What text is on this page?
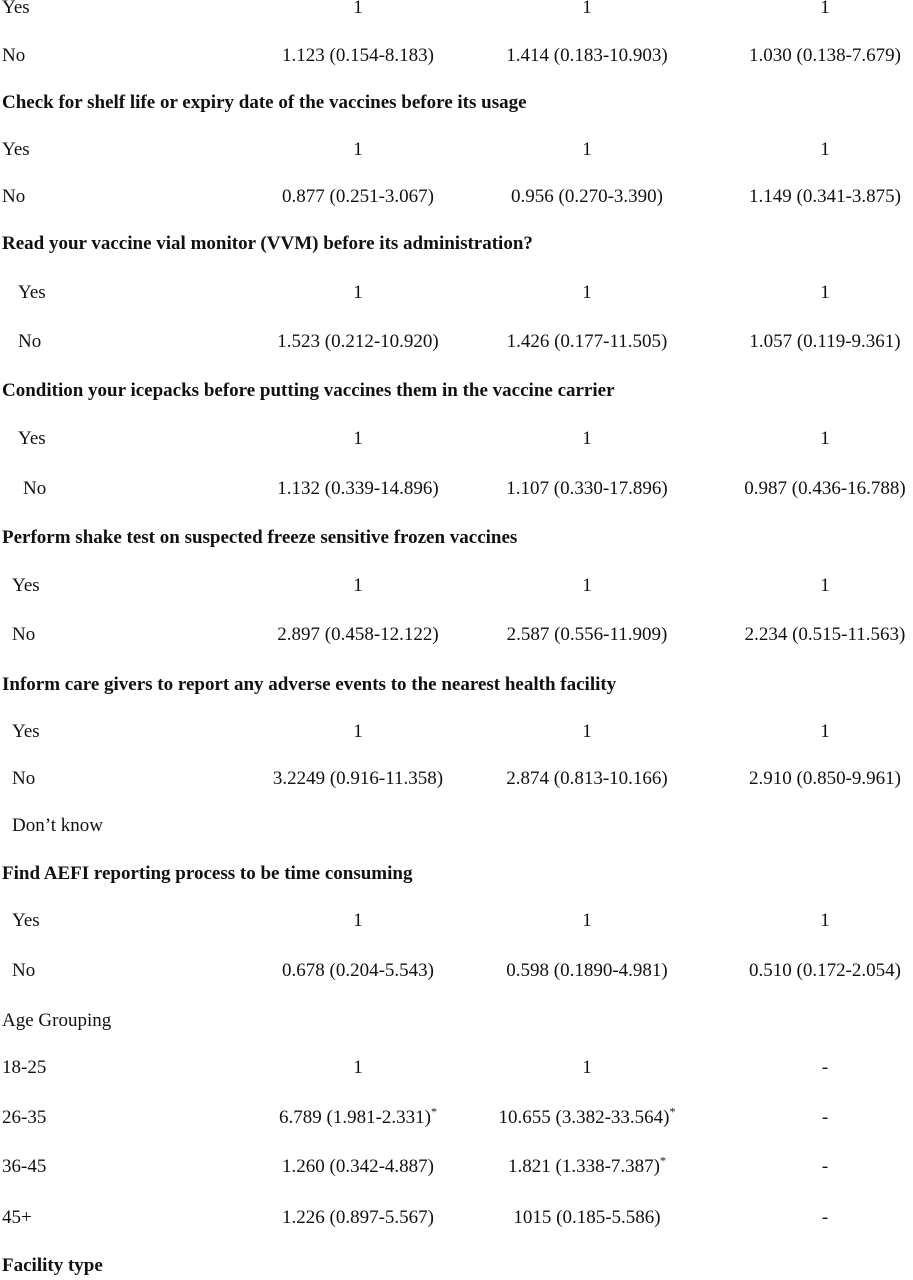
Yes	1	1	1
No	1.123 (0.154-8.183)	1.414 (0.183-10.903)	1.030 (0.138-7.679)
Check for shelf life or expiry date of the vaccines before its usage
Yes	1	1	1
No	0.877 (0.251-3.067)	0.956 (0.270-3.390)	1.149 (0.341-3.875)
Read your vaccine vial monitor (VVM) before its administration?
Yes	1	1	1
No	1.523 (0.212-10.920)	1.426 (0.177-11.505)	1.057 (0.119-9.361)
Condition your icepacks before putting vaccines them in the vaccine carrier
Yes	1	1	1
No	1.132 (0.339-14.896)	1.107 (0.330-17.896)	0.987 (0.436-16.788)
Perform shake test on suspected freeze sensitive frozen vaccines
Yes	1	1	1
No	2.897 (0.458-12.122)	2.587 (0.556-11.909)	2.234 (0.515-11.563)
Inform care givers to report any adverse events to the nearest health facility
Yes	1	1	1
No	3.2249 (0.916-11.358)	2.874 (0.813-10.166)	2.910 (0.850-9.961)
Don’t know
Find AEFI reporting process to be time consuming
Yes	1	1	1
No	0.678 (0.204-5.543)	0.598 (0.1890-4.981)	0.510 (0.172-2.054)
Age Grouping
18-25	1	1	-
26-35	6.789 (1.981-2.331)*	10.655 (3.382-33.564)*	-
36-45	1.260 (0.342-4.887)	1.821 (1.338-7.387)*	-
45+	1.226 (0.897-5.567)	1015 (0.185-5.586)	-
Facility type
